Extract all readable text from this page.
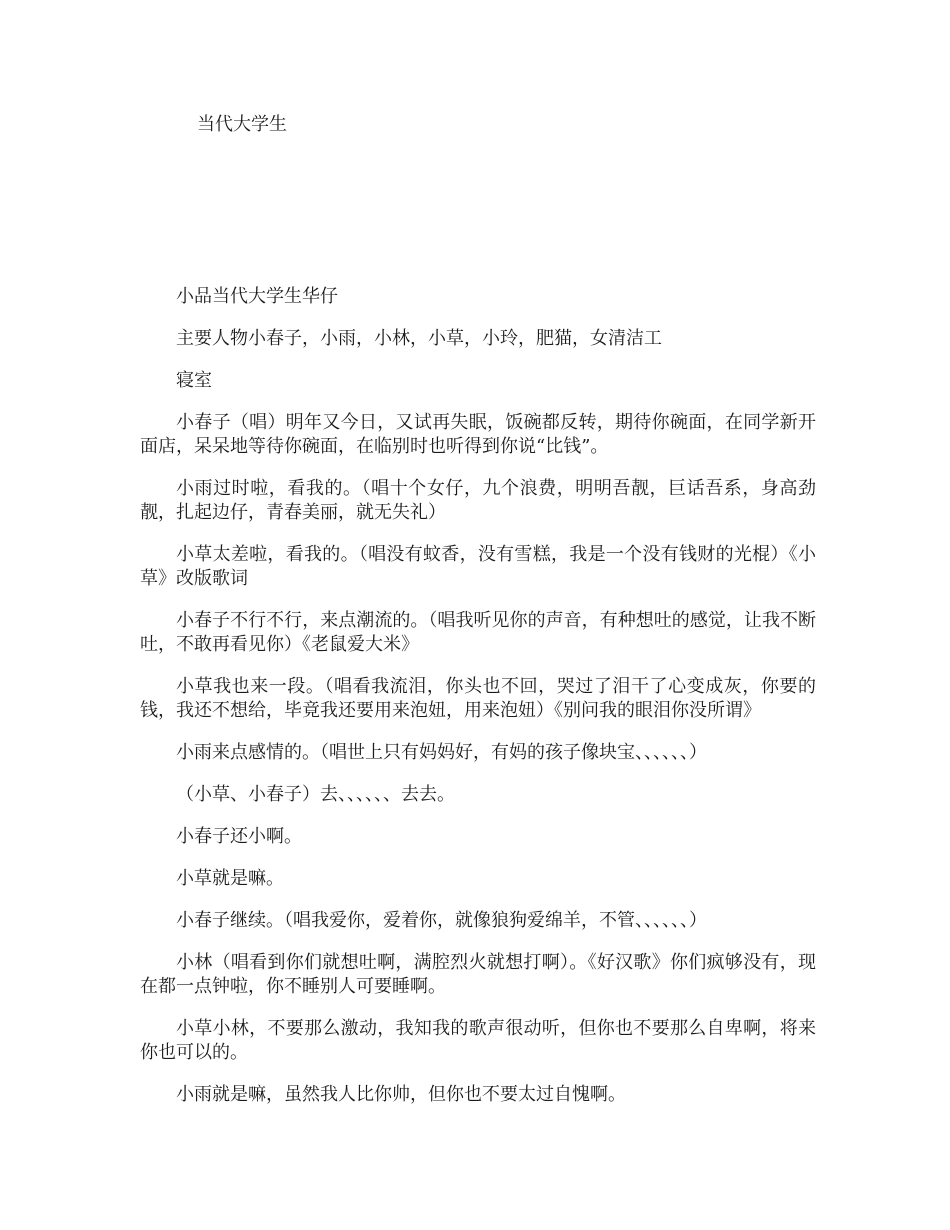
当代大学生

小品当代大学生华仔

主要人物小春子，小雨，小林，小草，小玲，肥猫，女清洁工

寝室

小春子（唱）明年又今日，又试再失眠，饭碗都反转，期待你碗面，在同学新开面店，呆呆地等待你碗面，在临别时也听得到你说“比钱”。

小雨过时啦，看我的。（唱十个女仔，九个浪费，明明吾靓，巨话吾系，身高劲靓，扎起边仔，青春美丽，就无失礼）

小草太差啦，看我的。（唱没有蚊香，没有雪糕，我是一个没有钱财的光棍）《小草》改版歌词

小春子不行不行，来点潮流的。（唱我听见你的声音，有种想吐的感觉，让我不断吐，不敢再看见你）《老鼠爱大米》

小草我也来一段。（唱看我流泪，你头也不回，哭过了泪干了心变成灰，你要的钱，我还不想给，毕竟我还要用来泡妞，用来泡妞）《别问我的眼泪你没所谓》

小雨来点感情的。（唱世上只有妈妈好，有妈的孩子像块宝、、、、、、）

（小草、小春子）去、、、、、、去去。

小春子还小啊。

小草就是嘛。

小春子继续。（唱我爱你，爱着你，就像狼狗爱绵羊，不管、、、、、、）

小林（唱看到你们就想吐啊，满腔烈火就想打啊）。《好汉歌》你们疯够没有，现在都一点钟啦，你不睡别人可要睡啊。

小草小林，不要那么激动，我知我的歌声很动听，但你也不要那么自卑啊，将来你也可以的。

小雨就是嘛，虽然我人比你帅，但你也不要太过自愧啊。
